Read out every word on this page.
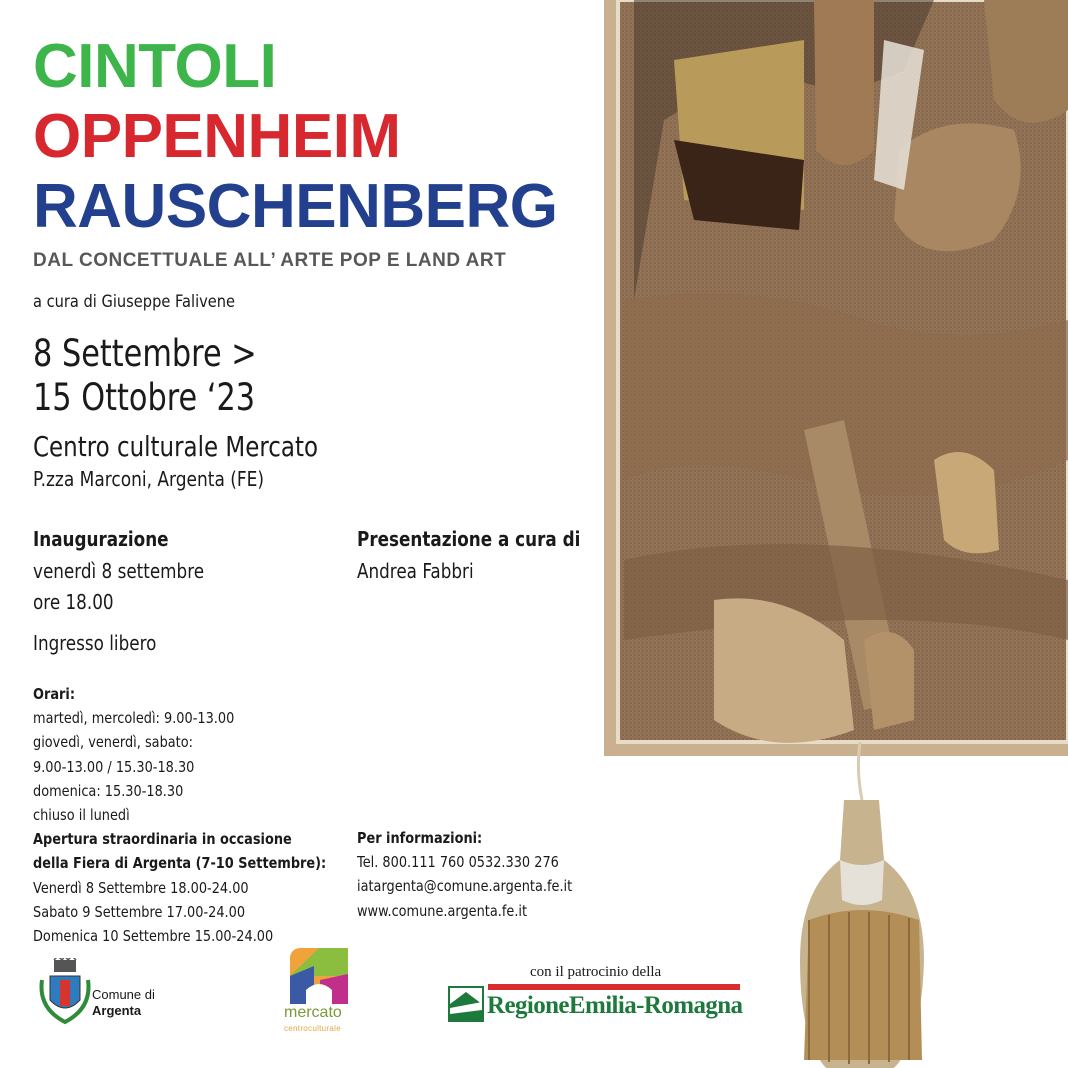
CINTOLI
OPPENHEIM
RAUSCHENBERG
DAL CONCETTUALE ALL’ ARTE POP E LAND ART
a cura di Giuseppe Falivene
8 Settembre >
15 Ottobre ‘23
Centro culturale Mercato
P.zza Marconi, Argenta (FE)
Inaugurazione
venerdì 8 settembre
ore 18.00
Ingresso libero
Presentazione a cura di
Andrea Fabbri
Orari:
martedì, mercoledì: 9.00-13.00
giovedì, venerdì, sabato:
9.00-13.00 / 15.30-18.30
domenica: 15.30-18.30
chiuso il lunedì
Apertura straordinaria in occasione
della Fiera di Argenta (7-10 Settembre):
Venerdì 8 Settembre 18.00-24.00
Sabato 9 Settembre 17.00-24.00
Domenica 10 Settembre 15.00-24.00
Per informazioni:
Tel. 800.111 760 0532.330 276
iatargenta@comune.argenta.fe.it
www.comune.argenta.fe.it
Comune di
Argenta	mercato
centroculturale
con il patrocinio della
RegioneEmilia-Romagna
